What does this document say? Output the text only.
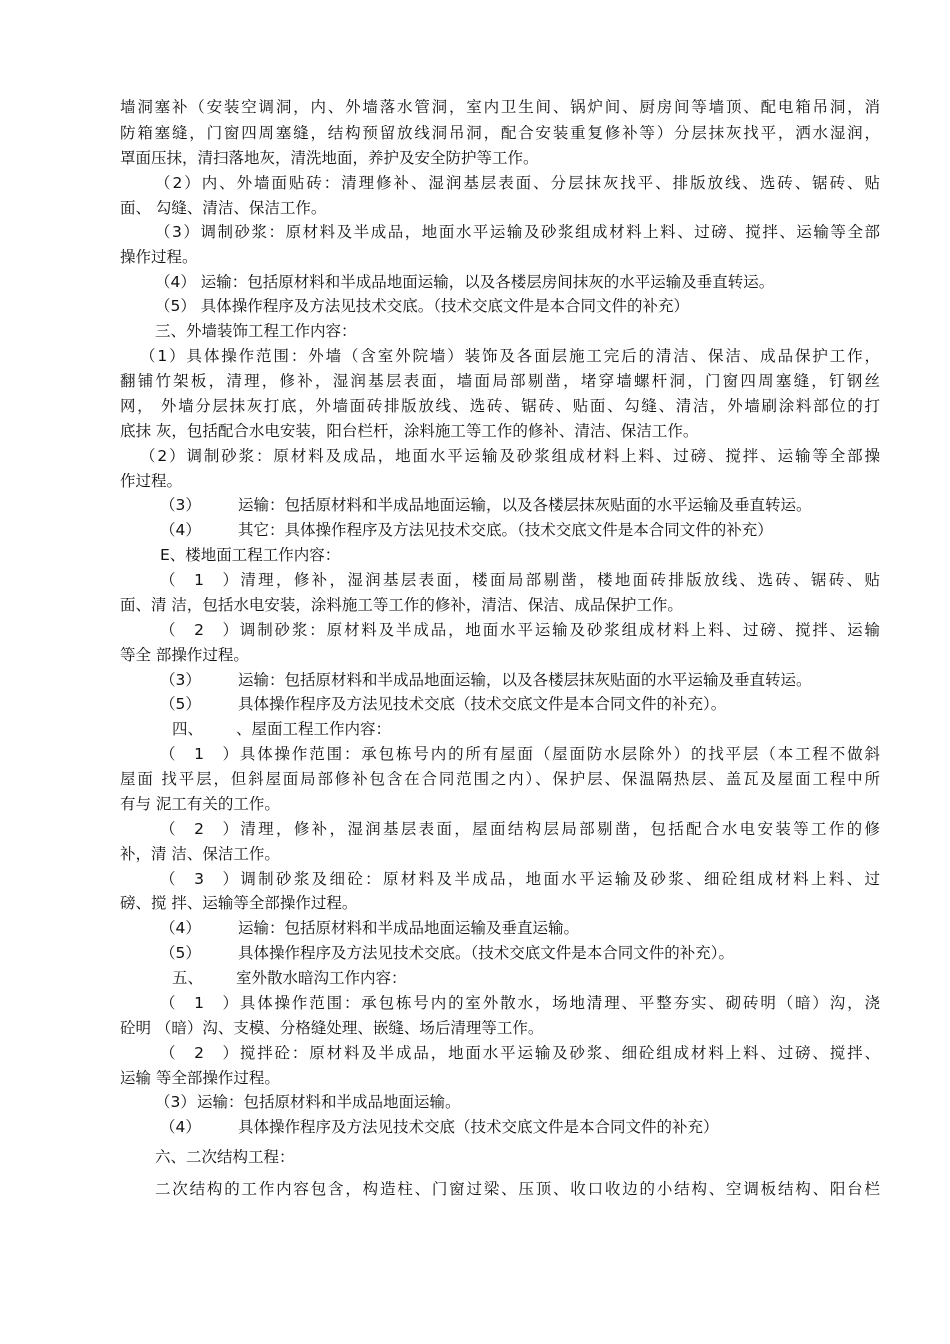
墙洞塞补（安装空调洞，内、外墙落水管洞，室内卫生间、锅炉间、厨房间等墙顶、配电箱吊洞，消
防箱塞缝，门窗四周塞缝，结构预留放线洞吊洞，配合安装重复修补等）分层抹灰找平，洒水湿润，
罩面压抹，清扫落地灰，清洗地面，养护及安全防护等工作。
（2）内、外墙面贴砖：清理修补、湿润基层表面、分层抹灰找平、排版放线、选砖、锯砖、贴
面、 勾缝、清洁、保洁工作。
（3）调制砂浆：原材料及半成品，地面水平运输及砂浆组成材料上料、过磅、搅拌、运输等全部
操作过程。
（4） 运输：包括原材料和半成品地面运输，以及各楼层房间抹灰的水平运输及垂直转运。
（5） 具体操作程序及方法见技术交底。（技术交底文件是本合同文件的补充）
三、外墙装饰工程工作内容：
（1）具体操作范围：外墙（含室外院墙）装饰及各面层施工完后的清洁、保洁、成品保护工作，
翻铺竹架板，清理，修补，湿润基层表面，墙面局部剔凿，堵穿墙螺杆洞，门窗四周塞缝，钉钢丝
网， 外墙分层抹灰打底，外墙面砖排版放线、选砖、锯砖、贴面、勾缝、清洁，外墙刷涂料部位的打
底抹 灰，包括配合水电安装，阳台栏杆，涂料施工等工作的修补、清洁、保洁工作。
（2）调制砂浆：原材料及成品，地面水平运输及砂浆组成材料上料、过磅、搅拌、运输等全部操
作过程。
（3） 运输：包括原材料和半成品地面运输，以及各楼层抹灰贴面的水平运输及垂直转运。
（4） 其它：具体操作程序及方法见技术交底。（技术交底文件是本合同文件的补充）
E、楼地面工程工作内容：
（1）清理，修补，湿润基层表面，楼面局部剔凿，楼地面砖排版放线、选砖、锯砖、贴
面、清 洁，包括水电安装，涂料施工等工作的修补，清洁、保洁、成品保护工作。
（2）调制砂浆：原材料及半成品，地面水平运输及砂浆组成材料上料、过磅、搅拌、运输
等全 部操作过程。
（3） 运输：包括原材料和半成品地面运输，以及各楼层抹灰贴面的水平运输及垂直转运。
（5） 具体操作程序及方法见技术交底（技术交底文件是本合同文件的补充）。
四、 、屋面工程工作内容：
（1）具体操作范围：承包栋号内的所有屋面（屋面防水层除外）的找平层（本工程不做斜
屋面 找平层，但斜屋面局部修补包含在合同范围之内）、保护层、保温隔热层、盖瓦及屋面工程中所
有与 泥工有关的工作。
（2）清理，修补，湿润基层表面，屋面结构层局部剔凿，包括配合水电安装等工作的修
补，清 洁、保洁工作。
（3）调制砂浆及细砼：原材料及半成品，地面水平运输及砂浆、细砼组成材料上料、过
磅、搅 拌、运输等全部操作过程。
（4） 运输：包括原材料和半成品地面运输及垂直运输。
（5） 具体操作程序及方法见技术交底。（技术交底文件是本合同文件的补充）。
五、 室外散水暗沟工作内容：
（1）具体操作范围：承包栋号内的室外散水，场地清理、平整夯实、砌砖明（暗）沟，浇
砼明 （暗）沟、支模、分格缝处理、嵌缝、场后清理等工作。
（2）搅拌砼：原材料及半成品，地面水平运输及砂浆、细砼组成材料上料、过磅、搅拌、
运输 等全部操作过程。
（3）运输：包括原材料和半成品地面运输。
（4） 具体操作程序及方法见技术交底（技术交底文件是本合同文件的补充）
六、二次结构工程：
二次结构的工作内容包含，构造柱、门窗过梁、压顶、收口收边的小结构、空调板结构、阳台栏
